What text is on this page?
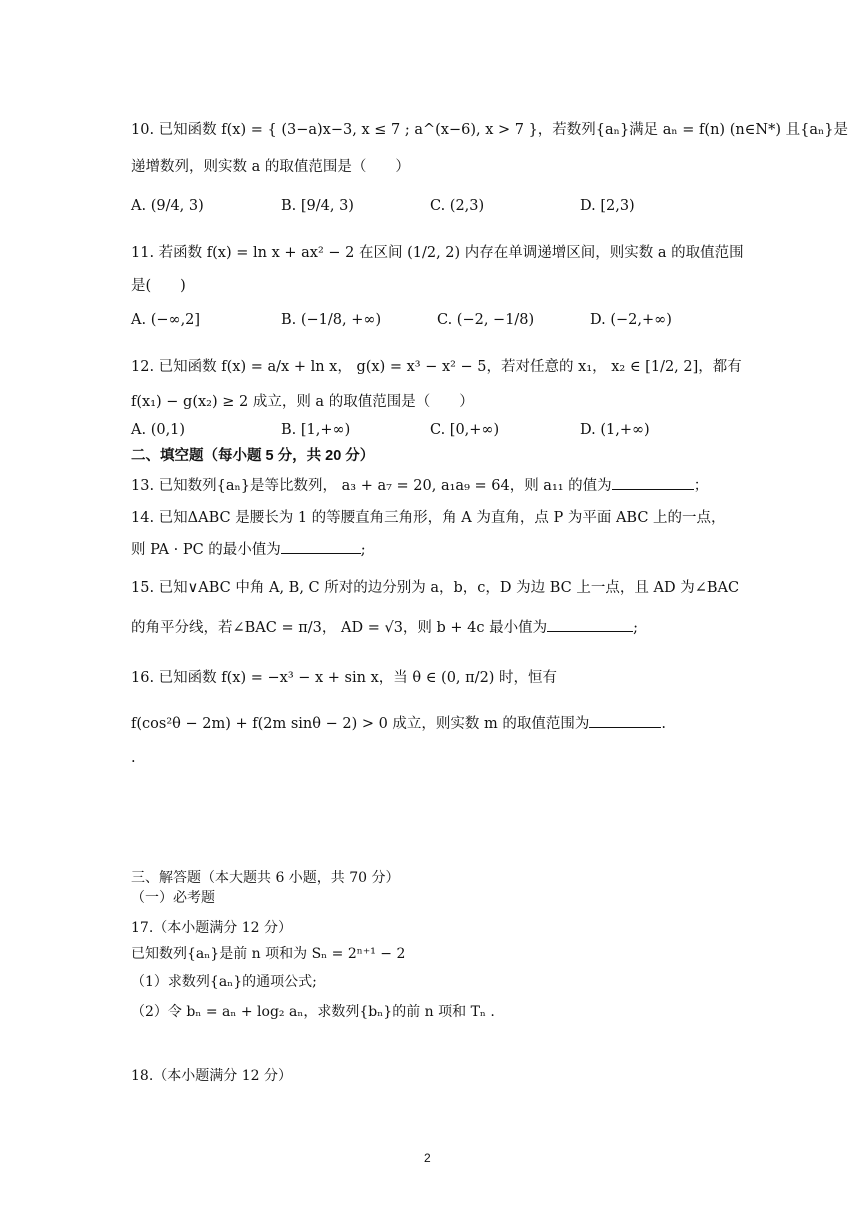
10. 已知函数 f(x) = { (3−a)x−3, x ≤ 7 ; a^(x−6), x > 7 }，若数列{aₙ}满足 aₙ = f(n) (n∈N*) 且{aₙ}是
递增数列，则实数 a 的取值范围是（　　）
A. (9/4, 3)	B. [9/4, 3)	C. (2,3)	D. [2,3)
11. 若函数 f(x) = ln x + ax² − 2 在区间 (1/2, 2) 内存在单调递增区间，则实数 a 的取值范围
是(　　)
A. (−∞,2]	B. (−1/8, +∞)	C. (−2, −1/8)	D. (−2,+∞)
12. 已知函数 f(x) = a/x + ln x， g(x) = x³ − x² − 5，若对任意的 x₁， x₂ ∈ [1/2, 2]，都有
f(x₁) − g(x₂) ≥ 2 成立，则 a 的取值范围是（　　）
A. (0,1)	B. [1,+∞)	C. [0,+∞)	D. (1,+∞)
二、填空题（每小题 5 分，共 20 分）
13. 已知数列{aₙ}是等比数列， a₃ + a₇ = 20, a₁a₉ = 64，则 a₁₁ 的值为	；
14. 已知ΔABC 是腰长为 1 的等腰直角三角形，角 A 为直角，点 P 为平面 ABC 上的一点，
则 PA · PC 的最小值为	;
15. 已知∨ABC 中角 A, B, C 所对的边分别为 a，b，c，D 为边 BC 上一点，且 AD 为∠BAC
的角平分线，若∠BAC = π/3， AD = √3，则 b + 4c 最小值为	;
16. 已知函数 f(x) = −x³ − x + sin x，当 θ ∈ (0, π/2) 时，恒有
f(cos²θ − 2m) + f(2m sinθ − 2) > 0 成立，则实数 m 的取值范围为	.
.
三、解答题（本大题共 6 小题，共 70 分）
（一）必考题
17.（本小题满分 12 分）
已知数列{aₙ}是前 n 项和为 Sₙ = 2ⁿ⁺¹ − 2
（1）求数列{aₙ}的通项公式;
（2）令 bₙ = aₙ + log₂ aₙ，求数列{bₙ}的前 n 项和 Tₙ .
18.（本小题满分 12 分）
2
